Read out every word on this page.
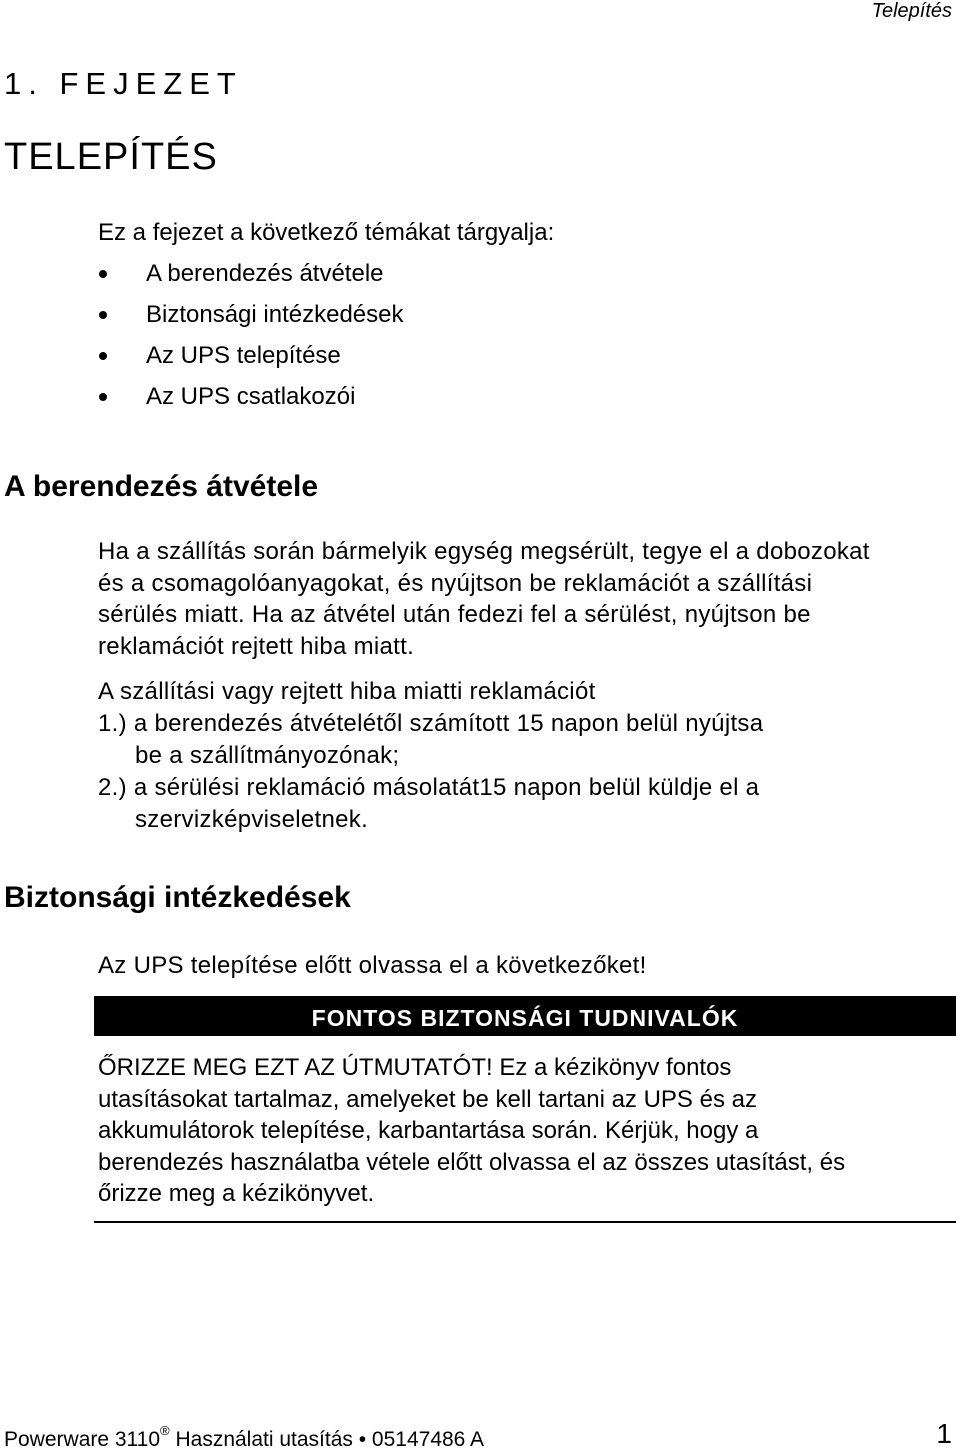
Telepítés
1. FEJEZET
TELEPÍTÉS
Ez a fejezet a következő témákat tárgyalja:
A berendezés átvétele
Biztonsági intézkedések
Az UPS telepítése
Az UPS csatlakozói
A berendezés átvétele
Ha a szállítás során bármelyik egység megsérült, tegye el a dobozokat
és a csomagolóanyagokat, és nyújtson be reklamációt a szállítási
sérülés miatt. Ha az átvétel után fedezi fel a sérülést, nyújtson be
reklamációt rejtett hiba miatt.
A szállítási vagy rejtett hiba miatti reklamációt
1.) a berendezés átvételétől számított 15 napon belül nyújtsa
be a szállítmányozónak;
2.) a sérülési reklamáció másolatát15 napon belül küldje el a
szervizképviseletnek.
Biztonsági intézkedések
Az UPS telepítése előtt olvassa el a következőket!
FONTOS BIZTONSÁGI TUDNIVALÓK
ŐRIZZE MEG EZT AZ ÚTMUTATÓT! Ez a kézikönyv fontos
utasításokat tartalmaz, amelyeket be kell tartani az UPS és az
akkumulátorok telepítése, karbantartása során. Kérjük, hogy a
berendezés használatba vétele előtt olvassa el az összes utasítást, és
őrizze meg a kézikönyvet.
Powerware 3110® Használati utasítás • 05147486 A	1
